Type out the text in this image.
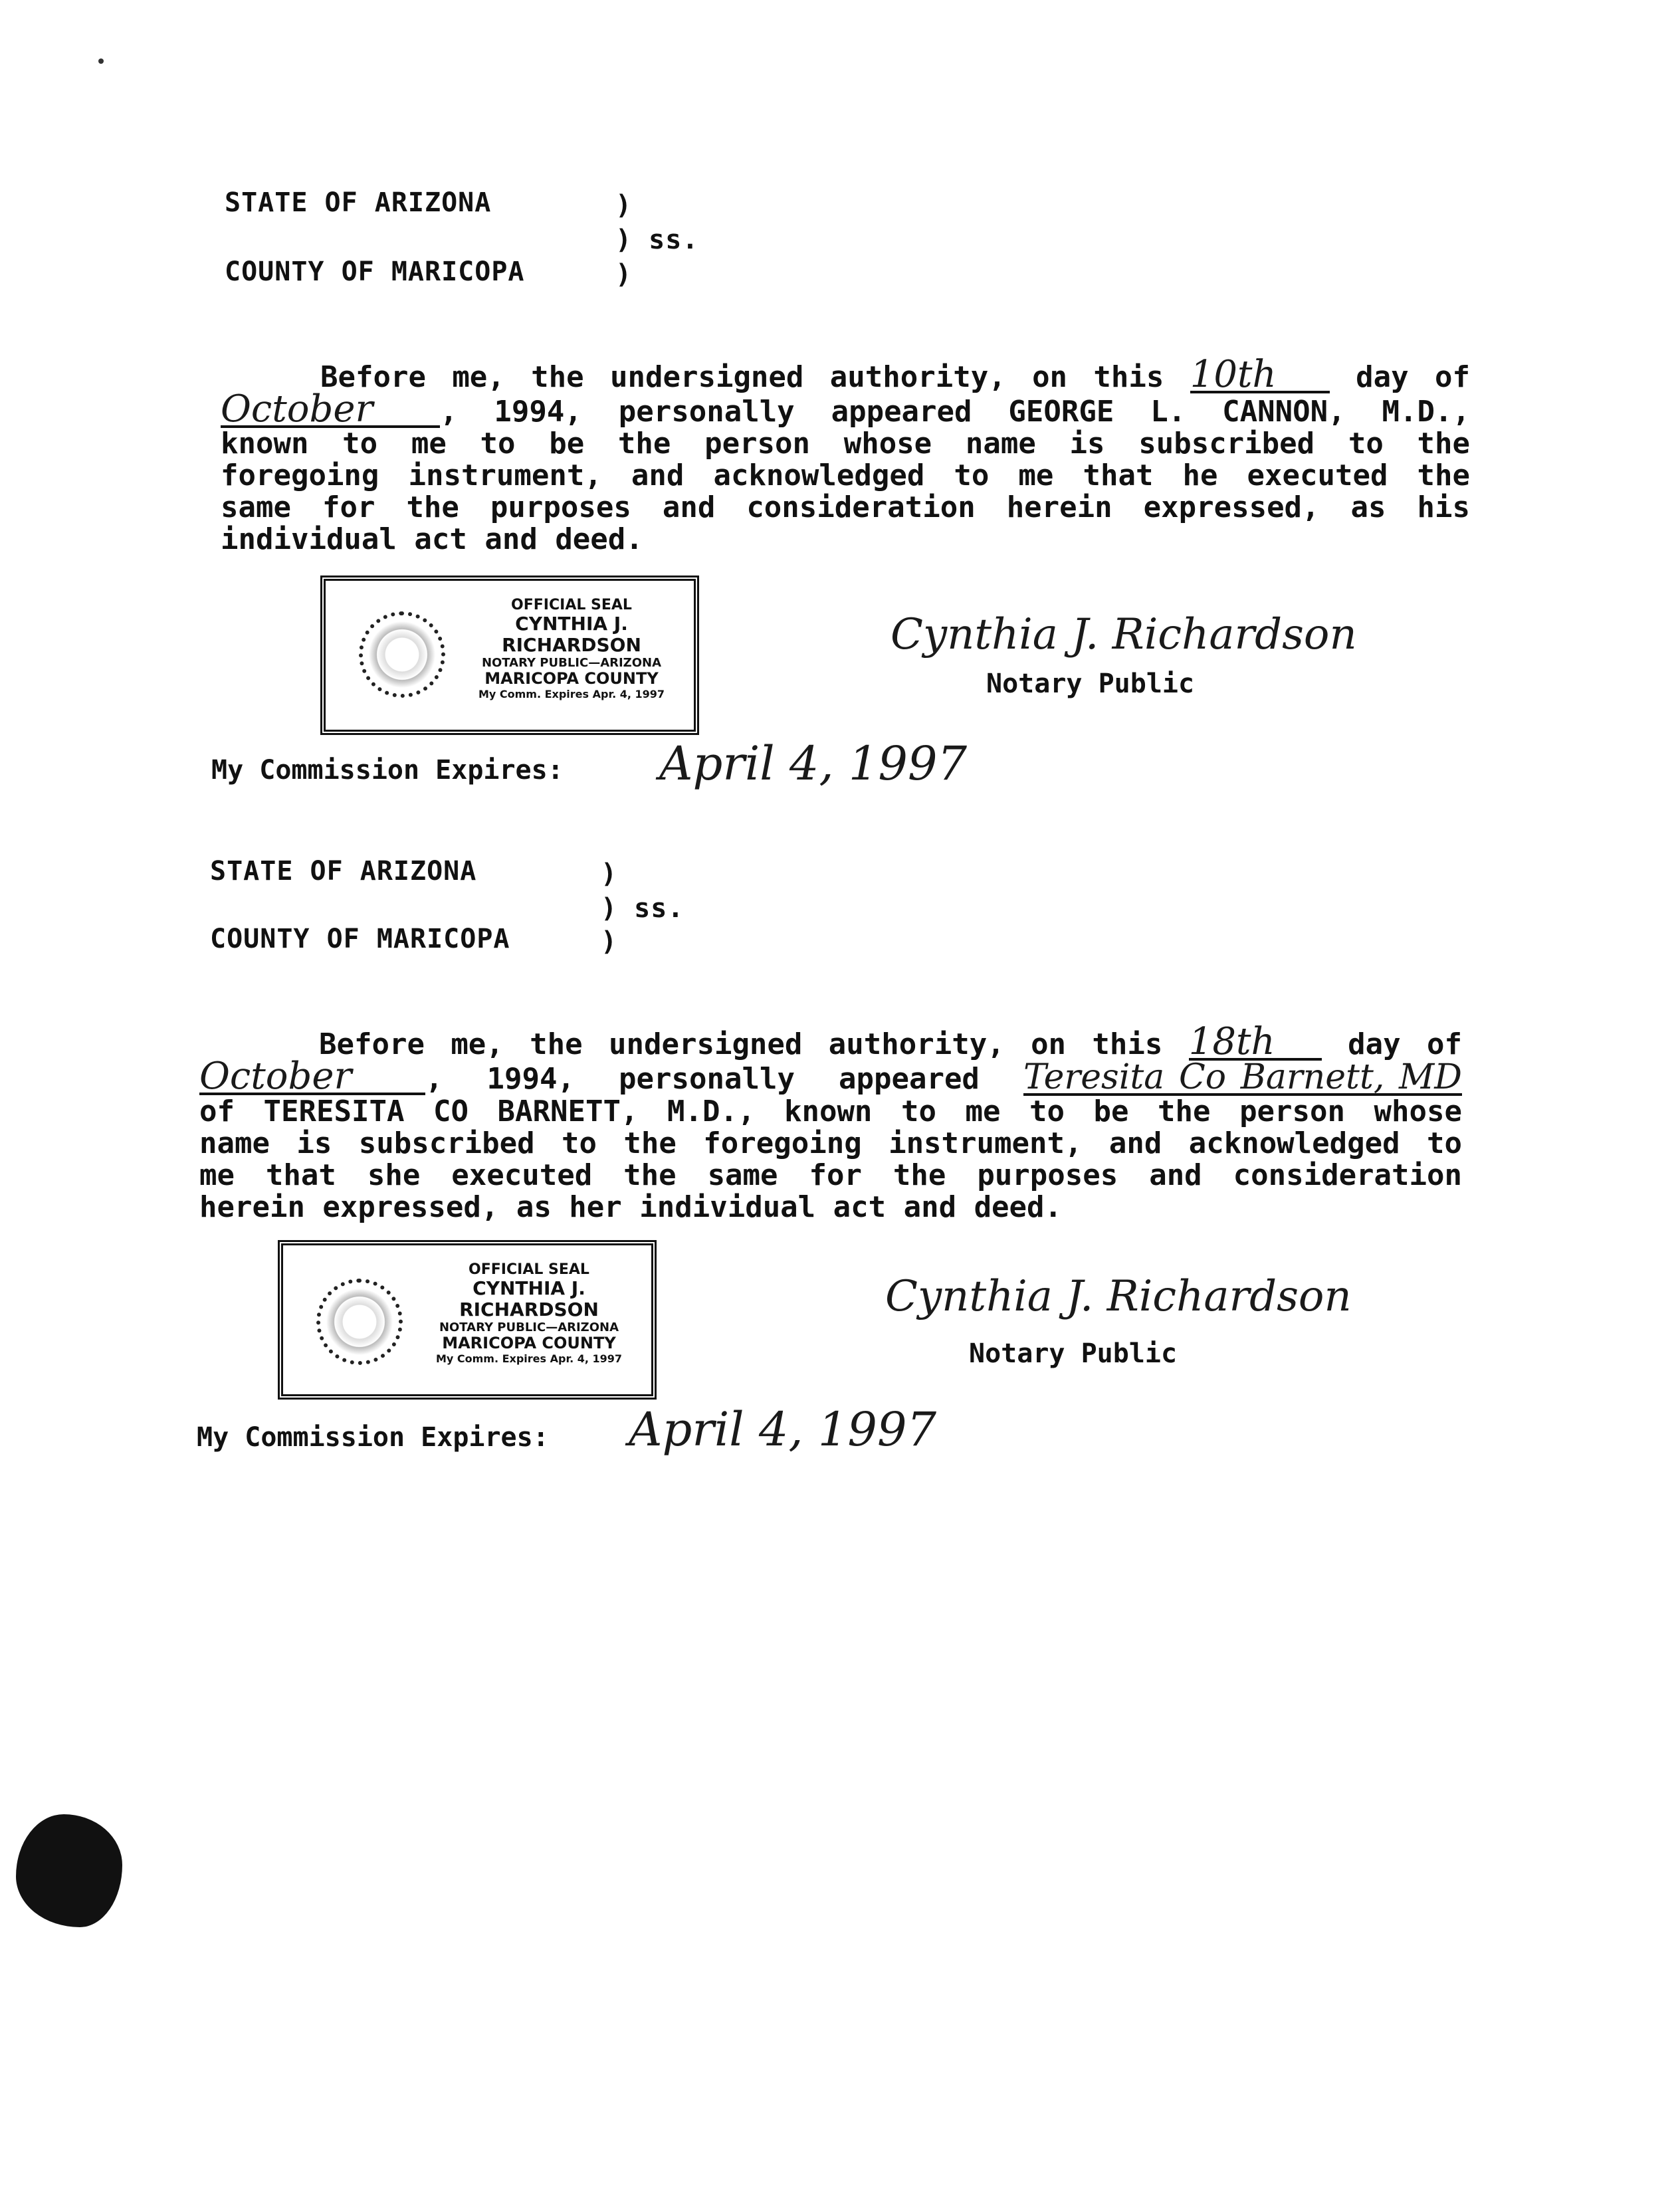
STATE OF ARIZONA	)
) ss.
COUNTY OF MARICOPA	)
Before me, the undersigned authority, on this 10th	day of
October , 1994, personally appeared GEORGE L. CANNON, M.D.,
known to me to be the person whose name is subscribed to the
foregoing instrument, and acknowledged to me that he executed the
same for the purposes and consideration herein expressed, as his
individual act and deed.
OFFICIAL SEAL
CYNTHIA J. RICHARDSON
NOTARY PUBLIC—ARIZONA
MARICOPA COUNTY
My Comm. Expires Apr. 4, 1997
Cynthia J. Richardson
Notary Public
My Commission Expires: April 4, 1997
STATE OF ARIZONA	)
) ss.
COUNTY OF MARICOPA	)
Before me, the undersigned authority, on this 18th day of
October	, 1994, personally appeared Teresita Co Barnett, MD
of TERESITA CO BARNETT, M.D., known to me to be the person whose
name is subscribed to the foregoing instrument, and acknowledged to
me that she executed the same for the purposes and consideration
herein expressed, as her individual act and deed.
OFFICIAL SEAL
CYNTHIA J. RICHARDSON
NOTARY PUBLIC—ARIZONA
MARICOPA COUNTY
My Comm. Expires Apr. 4, 1997
Cynthia J. Richardson
Notary Public
My Commission Expires: April 4, 1997
